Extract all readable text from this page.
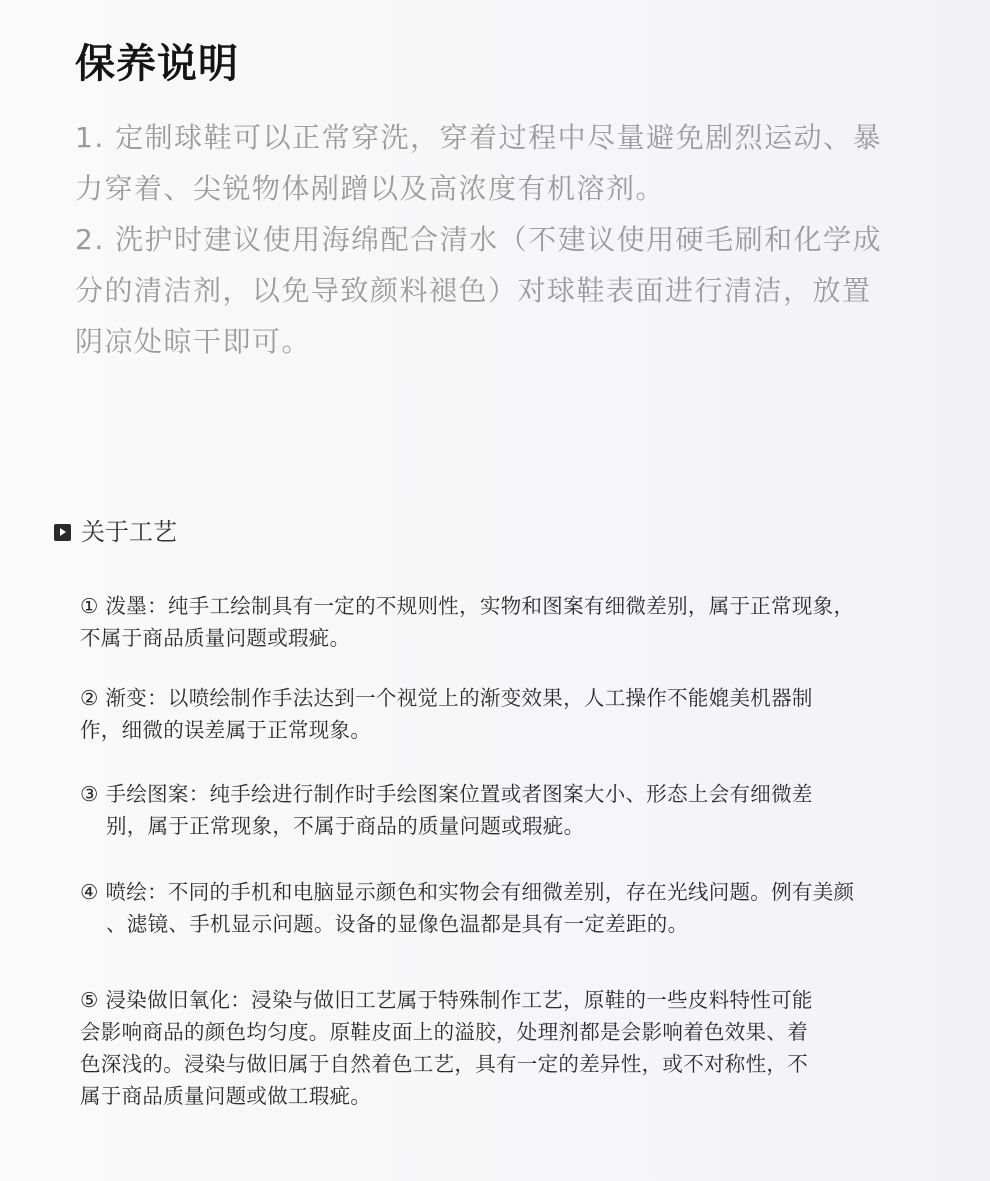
保养说明
1. 定制球鞋可以正常穿洗，穿着过程中尽量避免剧烈运动、暴
力穿着、尖锐物体剐蹭以及高浓度有机溶剂。
2. 洗护时建议使用海绵配合清水（不建议使用硬毛刷和化学成
分的清洁剂，以免导致颜料褪色）对球鞋表面进行清洁，放置
阴凉处晾干即可。
关于工艺
① 泼墨：纯手工绘制具有一定的不规则性，实物和图案有细微差别，属于正常现象，
不属于商品质量问题或瑕疵。
② 渐变：以喷绘制作手法达到一个视觉上的渐变效果，人工操作不能媲美机器制
作，细微的误差属于正常现象。
③ 手绘图案：纯手绘进行制作时手绘图案位置或者图案大小、形态上会有细微差
别，属于正常现象，不属于商品的质量问题或瑕疵。
④ 喷绘：不同的手机和电脑显示颜色和实物会有细微差别，存在光线问题。例有美颜
、滤镜、手机显示问题。设备的显像色温都是具有一定差距的。
⑤ 浸染做旧氧化：浸染与做旧工艺属于特殊制作工艺，原鞋的一些皮料特性可能
会影响商品的颜色均匀度。原鞋皮面上的溢胶，处理剂都是会影响着色效果、着
色深浅的。浸染与做旧属于自然着色工艺，具有一定的差异性，或不对称性，不
属于商品质量问题或做工瑕疵。
